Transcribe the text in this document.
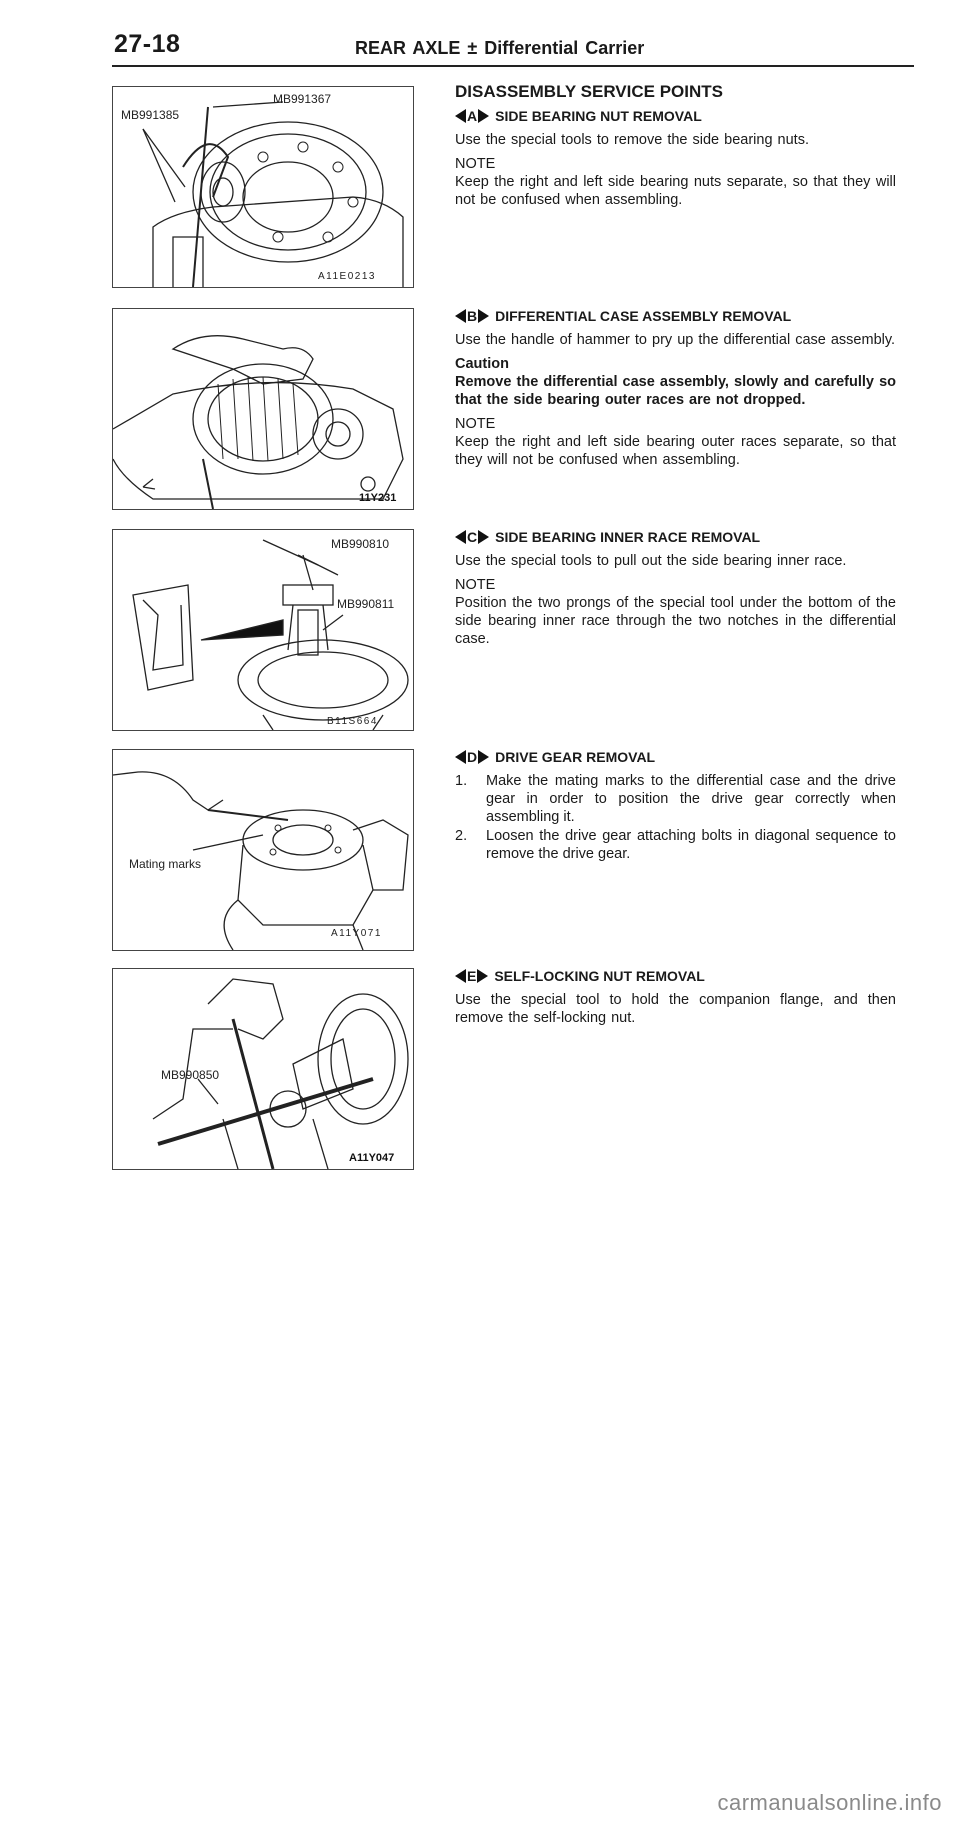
27-18	REAR AXLE ± Differential Carrier
MB991385
MB991367
A11E0213
11Y231
MB990810
MB990811
B11S664
Mating marks
A11Y071
MB990850
A11Y047
DISASSEMBLY SERVICE POINTS
A SIDE BEARING NUT REMOVAL

Use the special tools to remove the side bearing nuts.

NOTE

Keep the right and left side bearing nuts separate, so that they will not be confused when assembling.

B DIFFERENTIAL CASE ASSEMBLY REMOVAL

Use the handle of hammer to pry up the differential case assembly.

Caution

Remove the differential case assembly, slowly and carefully so that the side bearing outer races are not dropped.

NOTE

Keep the right and left side bearing outer races separate, so that they will not be confused when assembling.

C SIDE BEARING INNER RACE REMOVAL

Use the special tools to pull out the side bearing inner race.

NOTE

Position the two prongs of the special tool under the bottom of the side bearing inner race through the two notches in the differential case.

D DRIVE GEAR REMOVAL
1.	Make the mating marks to the differential case and the drive gear in order to position the drive gear correctly when assembling it.
2.	Loosen the drive gear attaching bolts in diagonal sequence to remove the drive gear.
E SELF-LOCKING NUT REMOVAL

Use the special tool to hold the companion flange, and then remove the self-locking nut.

carmanualsonline.info
